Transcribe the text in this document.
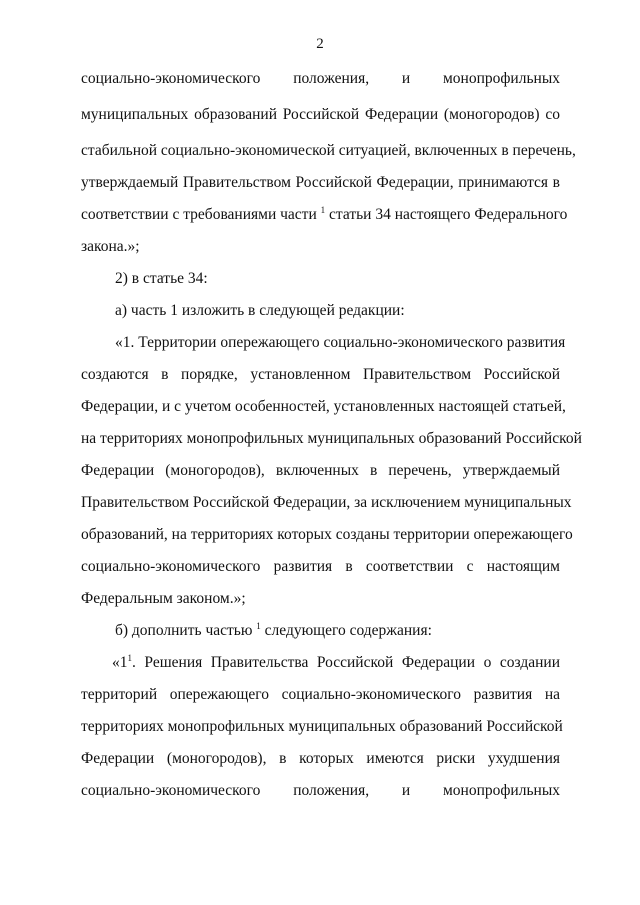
2
социально-экономического положения, и монопрофильных
муниципальных образований Российской Федерации (моногородов) со
стабильной социально-экономической ситуацией, включенных в перечень,
утверждаемый Правительством Российской Федерации, принимаются в
соответствии с требованиями части $^1$ статьи 34 настоящего Федерального
закона.»;
2) в статье 34:
а) часть 1 изложить в следующей редакции:
«1. Территории опережающего социально-экономического развития
создаются в порядке, установленном Правительством Российской
Федерации, и с учетом особенностей, установленных настоящей статьей,
на территориях монопрофильных муниципальных образований Российской
Федерации (моногородов), включенных в перечень, утверждаемый
Правительством Российской Федерации, за исключением муниципальных
образований, на территориях которых созданы территории опережающего
социально-экономического развития в соответствии с настоящим
Федеральным законом.»;
б) дополнить частью $^1$ следующего содержания:
«$1^1$. Решения Правительства Российской Федерации о создании
территорий опережающего социально-экономического развития на
территориях монопрофильных муниципальных образований Российской
Федерации (моногородов), в которых имеются риски ухудшения
социально-экономического положения, и монопрофильных
